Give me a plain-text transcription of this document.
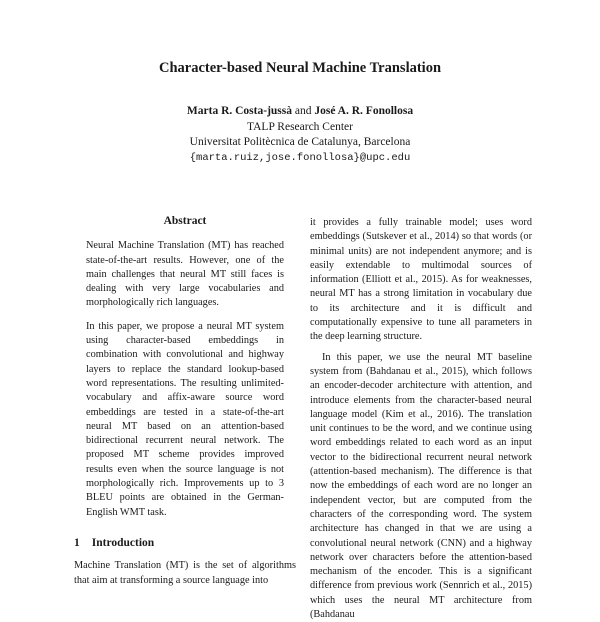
Character-based Neural Machine Translation
Marta R. Costa-jussà and José A. R. Fonollosa
TALP Research Center
Universitat Politècnica de Catalunya, Barcelona
{marta.ruiz,jose.fonollosa}@upc.edu
Abstract

Neural Machine Translation (MT) has reached state-of-the-art results. However, one of the main challenges that neural MT still faces is dealing with very large vocabularies and morphologically rich languages.

In this paper, we propose a neural MT system using character-based embeddings in combination with convolutional and highway layers to replace the standard lookup-based word representations. The resulting unlimited-vocabulary and affix-aware source word embeddings are tested in a state-of-the-art neural MT based on an attention-based bidirectional recurrent neural network. The proposed MT scheme provides improved results even when the source language is not morphologically rich. Improvements up to 3 BLEU points are obtained in the German-English WMT task.

1 Introduction

Machine Translation (MT) is the set of algorithms that aim at transforming a source language into

it provides a fully trainable model; uses word embeddings (Sutskever et al., 2014) so that words (or minimal units) are not independent anymore; and is easily extendable to multimodal sources of information (Elliott et al., 2015). As for weaknesses, neural MT has a strong limitation in vocabulary due to its architecture and it is difficult and computationally expensive to tune all parameters in the deep learning structure.

In this paper, we use the neural MT baseline system from (Bahdanau et al., 2015), which follows an encoder-decoder architecture with attention, and introduce elements from the character-based neural language model (Kim et al., 2016). The translation unit continues to be the word, and we continue using word embeddings related to each word as an input vector to the bidirectional recurrent neural network (attention-based mechanism). The difference is that now the embeddings of each word are no longer an independent vector, but are computed from the characters of the corresponding word. The system architecture has changed in that we are using a convolutional neural network (CNN) and a highway network over characters before the attention-based mechanism of the encoder. This is a significant difference from previous work (Sennrich et al., 2015) which uses the neural MT architecture from (Bahdanau
